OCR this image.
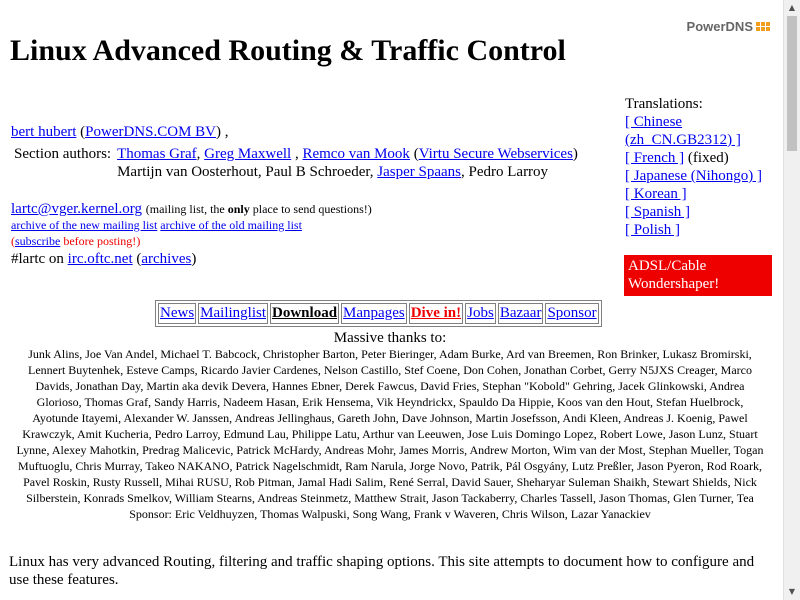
PowerDNS
Linux Advanced Routing & Traffic Control
bert hubert (PowerDNS.COM BV) ,
Section authors:	Thomas Graf, Greg Maxwell , Remco van Mook (Virtu Secure Webservices)
Martijn van Oosterhout, Paul B Schroeder, Jasper Spaans, Pedro Larroy
lartc@vger.kernel.org (mailing list, the only place to send questions!)
archive of the new mailing list archive of the old mailing list
(subscribe before posting!)
#lartc on irc.oftc.net (archives)
Translations:
[ Chinese (zh_CN.GB2312) ]
[ French ] (fixed)
[ Japanese (Nihongo) ]
[ Korean ]
[ Spanish ]
[ Polish ]
ADSL/Cable Wondershaper!
News	Mailinglist	Download	Manpages	Dive in!	Jobs	Bazaar	Sponsor
Massive thanks to:
Junk Alins, Joe Van Andel, Michael T. Babcock, Christopher Barton, Peter Bieringer, Adam Burke, Ard van Breemen, Ron Brinker, Lukasz Bromirski, Lennert Buytenhek, Esteve Camps, Ricardo Javier Cardenes, Nelson Castillo, Stef Coene, Don Cohen, Jonathan Corbet, Gerry N5JXS Creager, Marco Davids, Jonathan Day, Martin aka devik Devera, Hannes Ebner, Derek Fawcus, David Fries, Stephan "Kobold" Gehring, Jacek Glinkowski, Andrea Glorioso, Thomas Graf, Sandy Harris, Nadeem Hasan, Erik Hensema, Vik Heyndrickx, Spauldo Da Hippie, Koos van den Hout, Stefan Huelbrock, Ayotunde Itayemi, Alexander W. Janssen, Andreas Jellinghaus, Gareth John, Dave Johnson, Martin Josefsson, Andi Kleen, Andreas J. Koenig, Pawel Krawczyk, Amit Kucheria, Pedro Larroy, Edmund Lau, Philippe Latu, Arthur van Leeuwen, Jose Luis Domingo Lopez, Robert Lowe, Jason Lunz, Stuart Lynne, Alexey Mahotkin, Predrag Malicevic, Patrick McHardy, Andreas Mohr, James Morris, Andrew Morton, Wim van der Most, Stephan Mueller, Togan Muftuoglu, Chris Murray, Takeo NAKANO, Patrick Nagelschmidt, Ram Narula, Jorge Novo, Patrik, Pál Osgyány, Lutz Preßler, Jason Pyeron, Rod Roark, Pavel Roskin, Rusty Russell, Mihai RUSU, Rob Pitman, Jamal Hadi Salim, René Serral, David Sauer, Sheharyar Suleman Shaikh, Stewart Shields, Nick Silberstein, Konrads Smelkov, William Stearns, Andreas Steinmetz, Matthew Strait, Jason Tackaberry, Charles Tassell, Jason Thomas, Glen Turner, Tea Sponsor: Eric Veldhuyzen, Thomas Walpuski, Song Wang, Frank v Waveren, Chris Wilson, Lazar Yanackiev
Linux has very advanced Routing, filtering and traffic shaping options. This site attempts to document how to configure and use these features.
▲
▼
